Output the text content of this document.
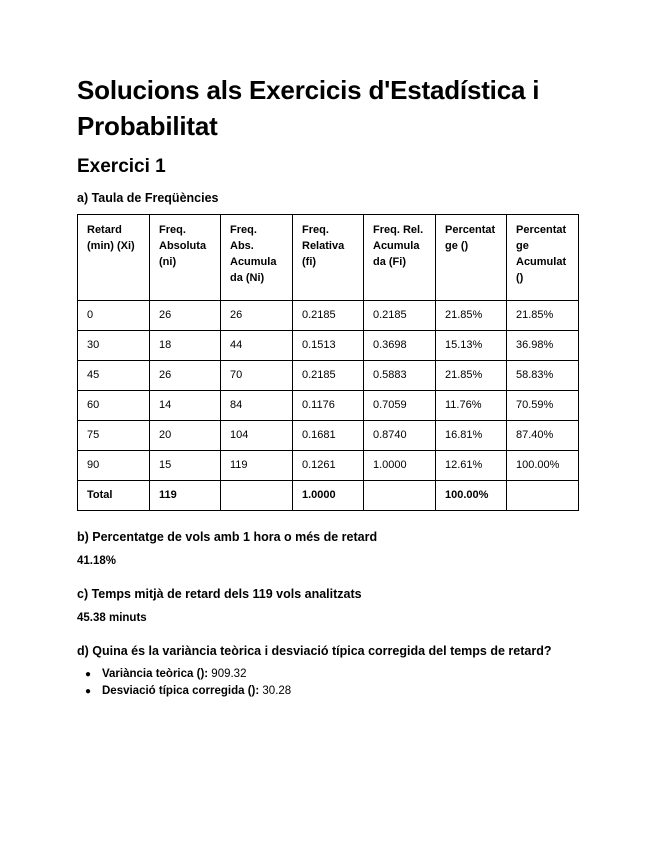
Solucions als Exercicis d'Estadística i Probabilitat
Exercici 1

a) Taula de Freqüències

Retard (min) (Xi)	Freq. Absoluta (ni)	Freq. Abs. Acumulada (Ni)	Freq. Relativa (fi)	Freq. Rel. Acumulada (Fi)	Percentatge ()	Percentatge Acumulat ()
0	26	26	0.2185	0.2185	21.85%	21.85%
30	18	44	0.1513	0.3698	15.13%	36.98%
45	26	70	0.2185	0.5883	21.85%	58.83%
60	14	84	0.1176	0.7059	11.76%	70.59%
75	20	104	0.1681	0.8740	16.81%	87.40%
90	15	119	0.1261	1.0000	12.61%	100.00%
Total	119		1.0000		100.00%	

b) Percentatge de vols amb 1 hora o més de retard

41.18%

c) Temps mitjà de retard dels 119 vols analitzats

45.38 minuts

d) Quina és la variància teòrica i desviació típica corregida del temps de retard?

● Variància teòrica (): 909.32
● Desviació típica corregida (): 30.28
